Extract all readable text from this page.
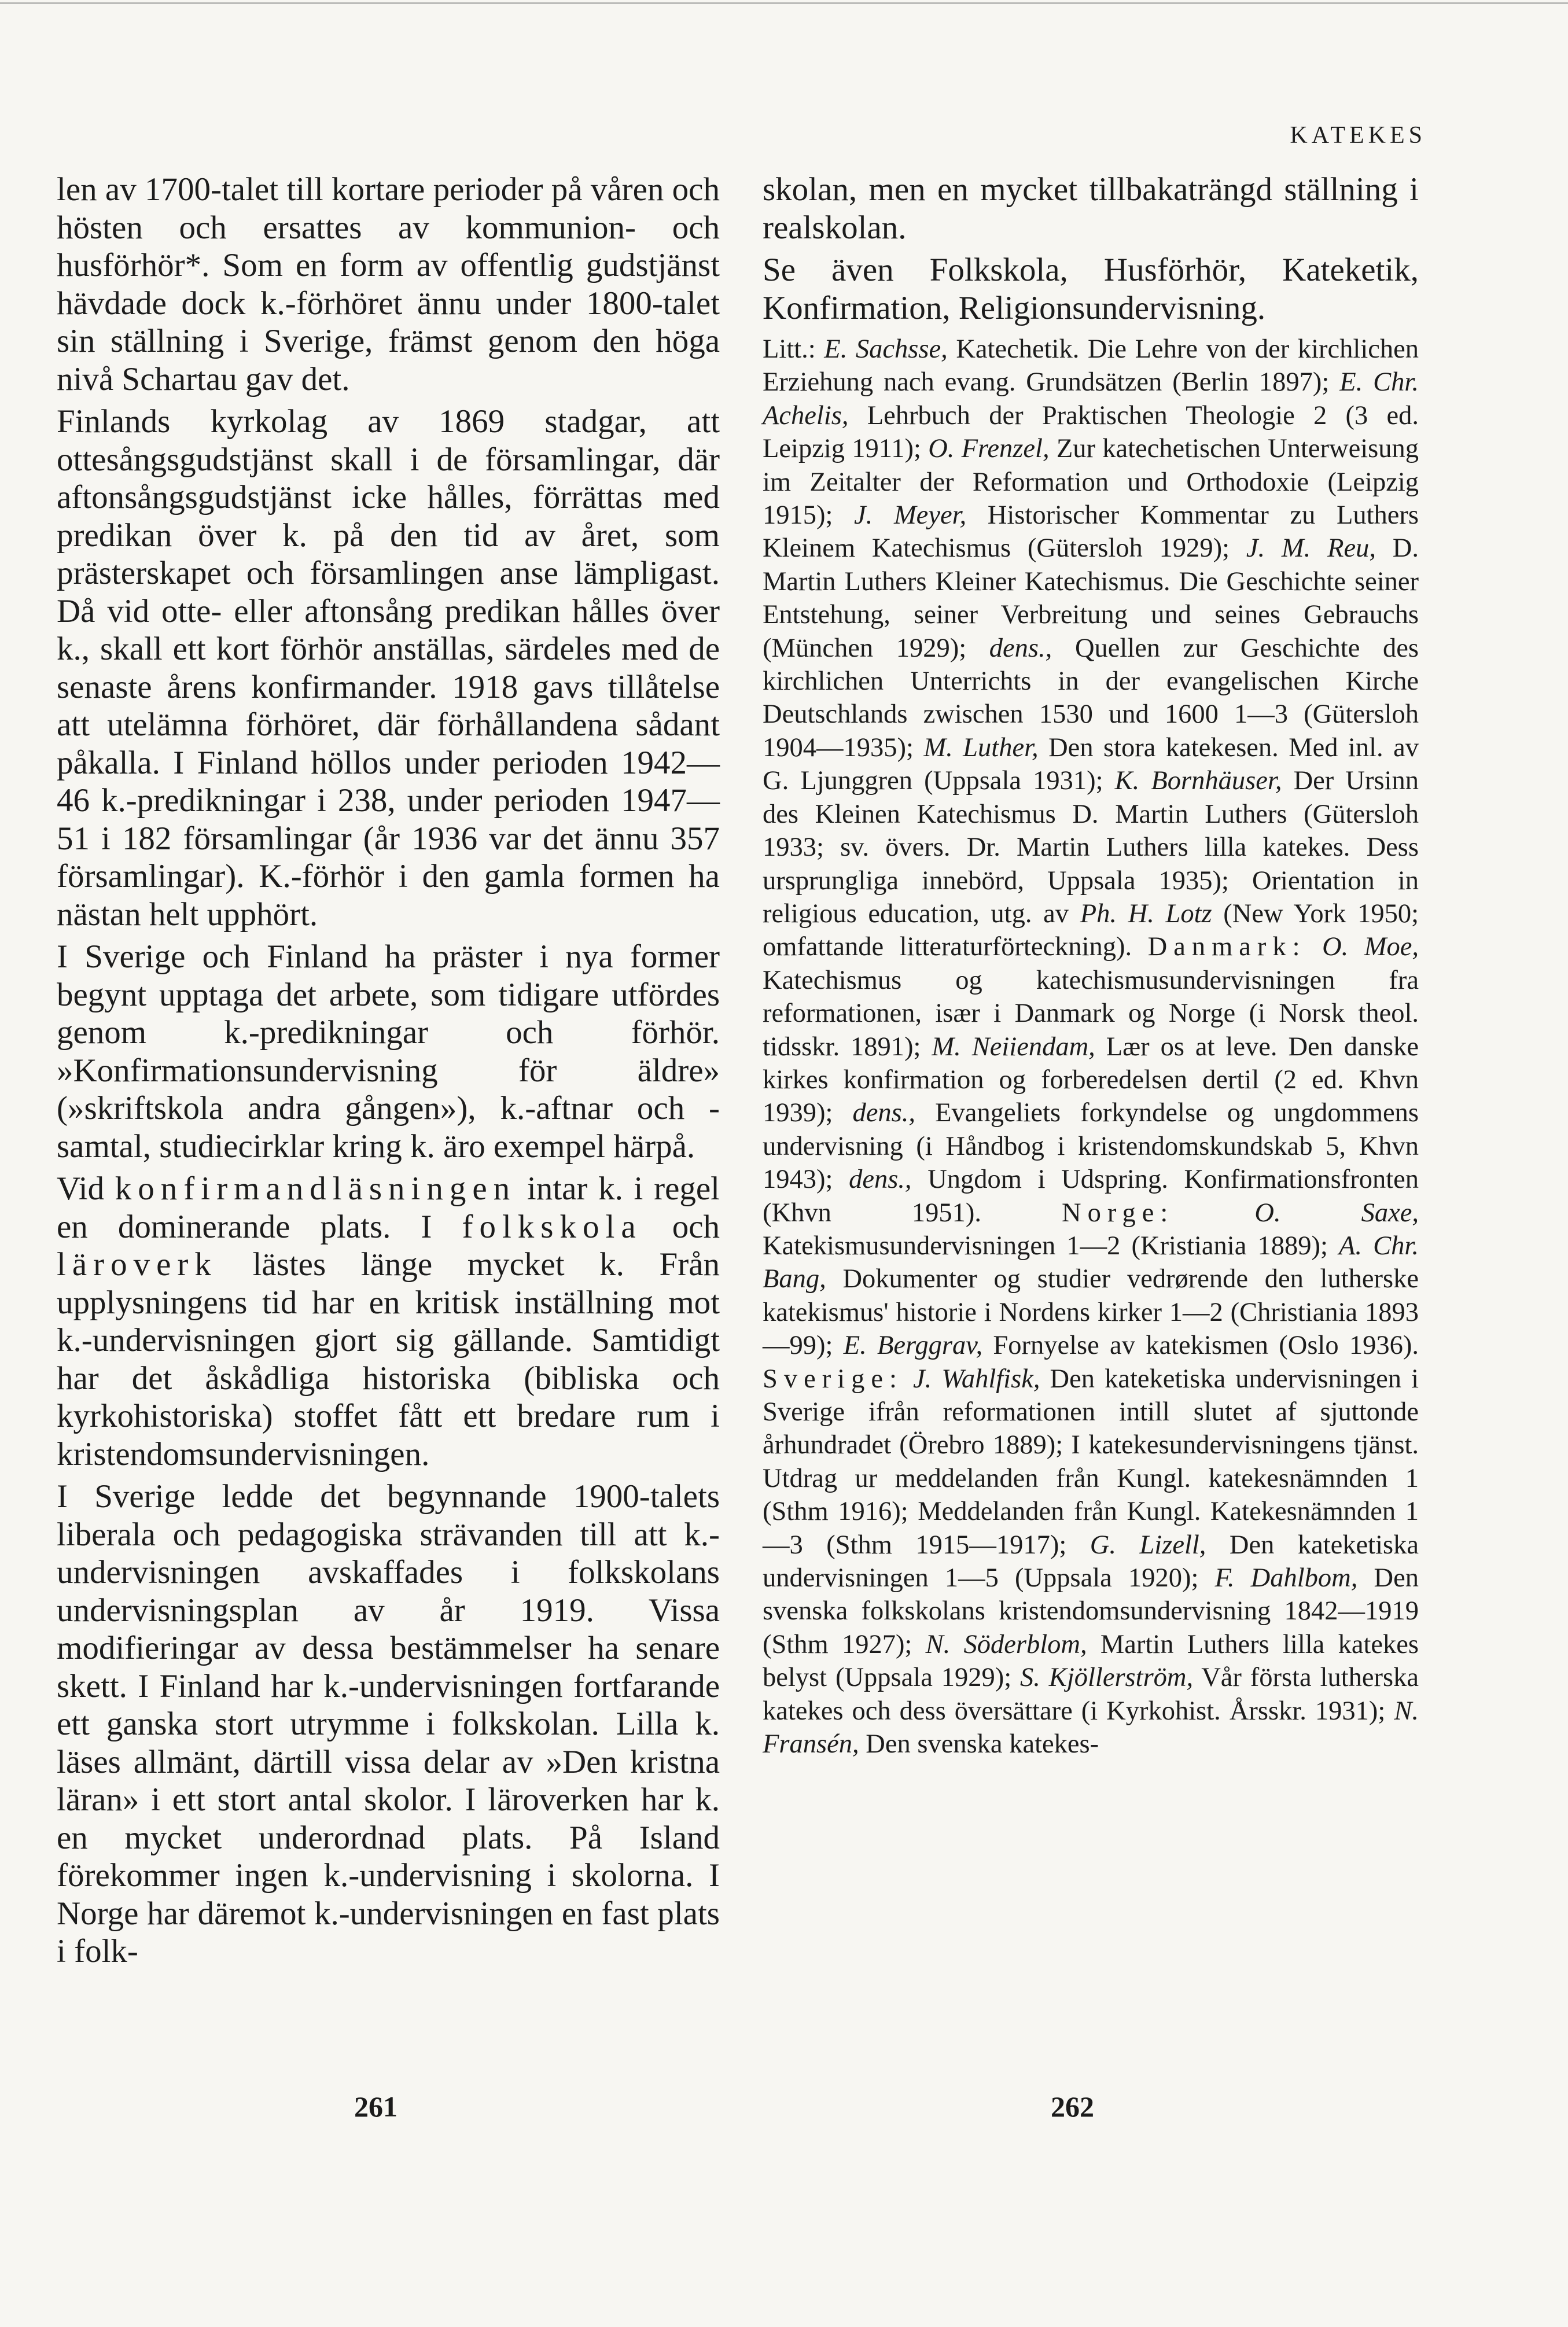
KATEKES

len av 1700-talet till kortare perioder på våren och hösten och ersattes av kommunion- och husförhör*. Som en form av offentlig gudstjänst hävdade dock k.-förhöret ännu under 1800-talet sin ställning i Sverige, främst genom den höga nivå Schartau gav det.

Finlands kyrkolag av 1869 stadgar, att ottesångsgudstjänst skall i de församlingar, där aftonsångsgudstjänst icke hålles, förrättas med predikan över k. på den tid av året, som prästerskapet och församlingen anse lämpligast. Då vid otte- eller aftonsång predikan hålles över k., skall ett kort förhör anställas, särdeles med de senaste årens konfirmander. 1918 gavs tillåtelse att utelämna förhöret, där förhållandena sådant påkalla. I Finland höllos under perioden 1942—46 k.-predikningar i 238, under perioden 1947—51 i 182 församlingar (år 1936 var det ännu 357 församlingar). K.-förhör i den gamla formen ha nästan helt upphört.

I Sverige och Finland ha präster i nya former begynt upptaga det arbete, som tidigare utfördes genom k.-predikningar och förhör. »Konfirmationsundervisning för äldre» (»skriftskola andra gången»), k.-aftnar och -samtal, studiecirklar kring k. äro exempel härpå.

Vid konfirmandläsningen intar k. i regel en dominerande plats. I folkskola och läroverk lästes länge mycket k. Från upplysningens tid har en kritisk inställning mot k.-undervisningen gjort sig gällande. Samtidigt har det åskådliga historiska (bibliska och kyrkohistoriska) stoffet fått ett bredare rum i kristendomsundervisningen.

I Sverige ledde det begynnande 1900-talets liberala och pedagogiska strävanden till att k.-undervisningen avskaffades i folkskolans undervisningsplan av år 1919. Vissa modifieringar av dessa bestämmelser ha senare skett. I Finland har k.-undervisningen fortfarande ett ganska stort utrymme i folkskolan. Lilla k. läses allmänt, därtill vissa delar av »Den kristna läran» i ett stort antal skolor. I läroverken har k. en mycket underordnad plats. På Island förekommer ingen k.-undervisning i skolorna. I Norge har däremot k.-undervisningen en fast plats i folk-

skolan, men en mycket tillbakaträngd ställning i realskolan.

Se även Folkskola, Husförhör, Kateketik, Konfirmation, Religionsundervisning.

Litt.: E. Sachsse, Katechetik. Die Lehre von der kirchlichen Erziehung nach evang. Grundsätzen (Berlin 1897); E. Chr. Achelis, Lehrbuch der Praktischen Theologie 2 (3 ed. Leipzig 1911); O. Frenzel, Zur katechetischen Unterweisung im Zeitalter der Reformation und Orthodoxie (Leipzig 1915); J. Meyer, Historischer Kommentar zu Luthers Kleinem Katechismus (Gütersloh 1929); J. M. Reu, D. Martin Luthers Kleiner Katechismus. Die Geschichte seiner Entstehung, seiner Verbreitung und seines Gebrauchs (München 1929); dens., Quellen zur Geschichte des kirchlichen Unterrichts in der evangelischen Kirche Deutschlands zwischen 1530 und 1600 1—3 (Gütersloh 1904—1935); M. Luther, Den stora katekesen. Med inl. av G. Ljunggren (Uppsala 1931); K. Bornhäuser, Der Ursinn des Kleinen Katechismus D. Martin Luthers (Gütersloh 1933; sv. övers. Dr. Martin Luthers lilla katekes. Dess ursprungliga innebörd, Uppsala 1935); Orientation in religious education, utg. av Ph. H. Lotz (New York 1950; omfattande litteraturförteckning). Danmark: O. Moe, Katechismus og katechismusundervisningen fra reformationen, især i Danmark og Norge (i Norsk theol. tidsskr. 1891); M. Neiiendam, Lær os at leve. Den danske kirkes konfirmation og forberedelsen dertil (2 ed. Khvn 1939); dens., Evangeliets forkyndelse og ungdommens undervisning (i Håndbog i kristendomskundskab 5, Khvn 1943); dens., Ungdom i Udspring. Konfirmationsfronten (Khvn 1951). Norge:	O. Saxe, Katekismusundervisningen 1—2 (Kristiania 1889); A. Chr. Bang, Dokumenter og studier vedrørende den lutherske katekismus' historie i Nordens kirker 1—2 (Christiania 1893—99); E. Berggrav, Fornyelse av katekismen (Oslo 1936). Sverige: J. Wahlfisk, Den kateketiska undervisningen i Sverige ifrån reformationen intill slutet af sjuttonde århundradet (Örebro 1889); I katekesundervisningens tjänst. Utdrag ur meddelanden från Kungl. katekesnämnden 1 (Sthm 1916); Meddelanden från Kungl. Katekesnämnden 1—3 (Sthm 1915—1917); G. Lizell, Den kateketiska undervisningen 1—5 (Uppsala 1920); F. Dahlbom, Den svenska folkskolans kristendomsundervisning 1842—1919 (Sthm 1927); N. Söderblom, Martin Luthers lilla katekes belyst (Uppsala 1929); S. Kjöllerström, Vår första lutherska katekes och dess översättare (i Kyrkohist. Årsskr. 1931); N. Fransén, Den svenska katekes-

261	262
